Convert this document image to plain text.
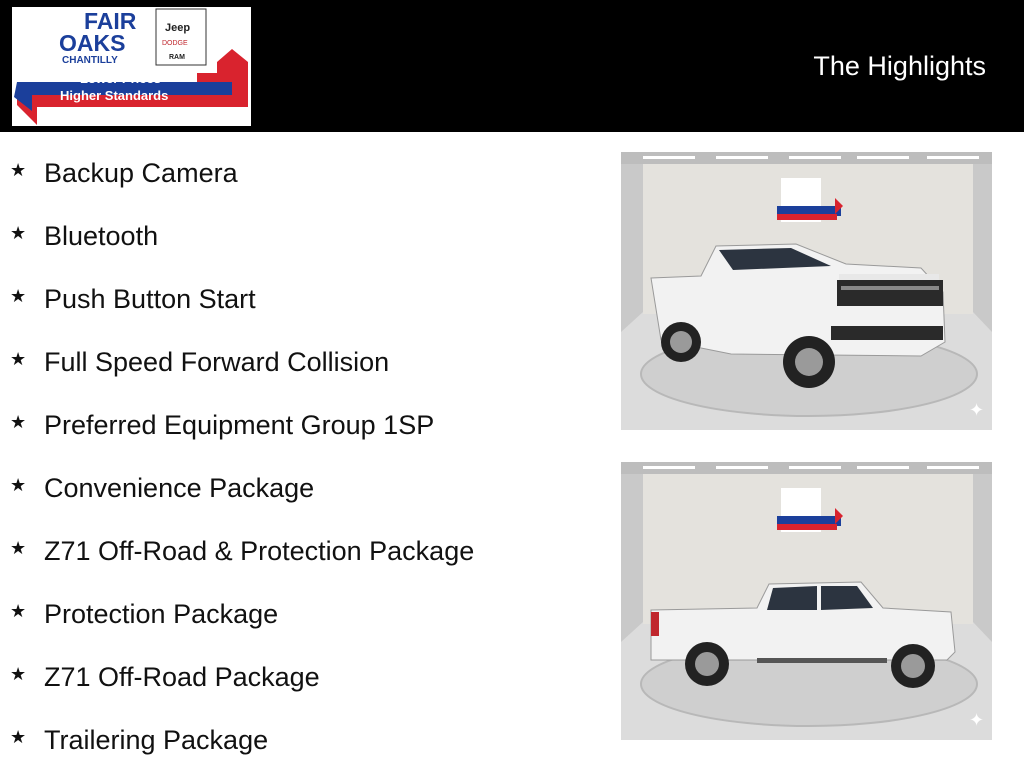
FAIR
OAKS
CHANTILLY
Jeep
DODGE
RAM
Lower Prices
Higher Standards
The Highlights
★ Backup Camera
★ Bluetooth
★ Push Button Start
★ Full Speed Forward Collision
★ Preferred Equipment Group 1SP
★ Convenience Package
★ Z71 Off-Road & Protection Package
★ Protection Package
★ Z71 Off-Road Package
★ Trailering Package
✦
✦
